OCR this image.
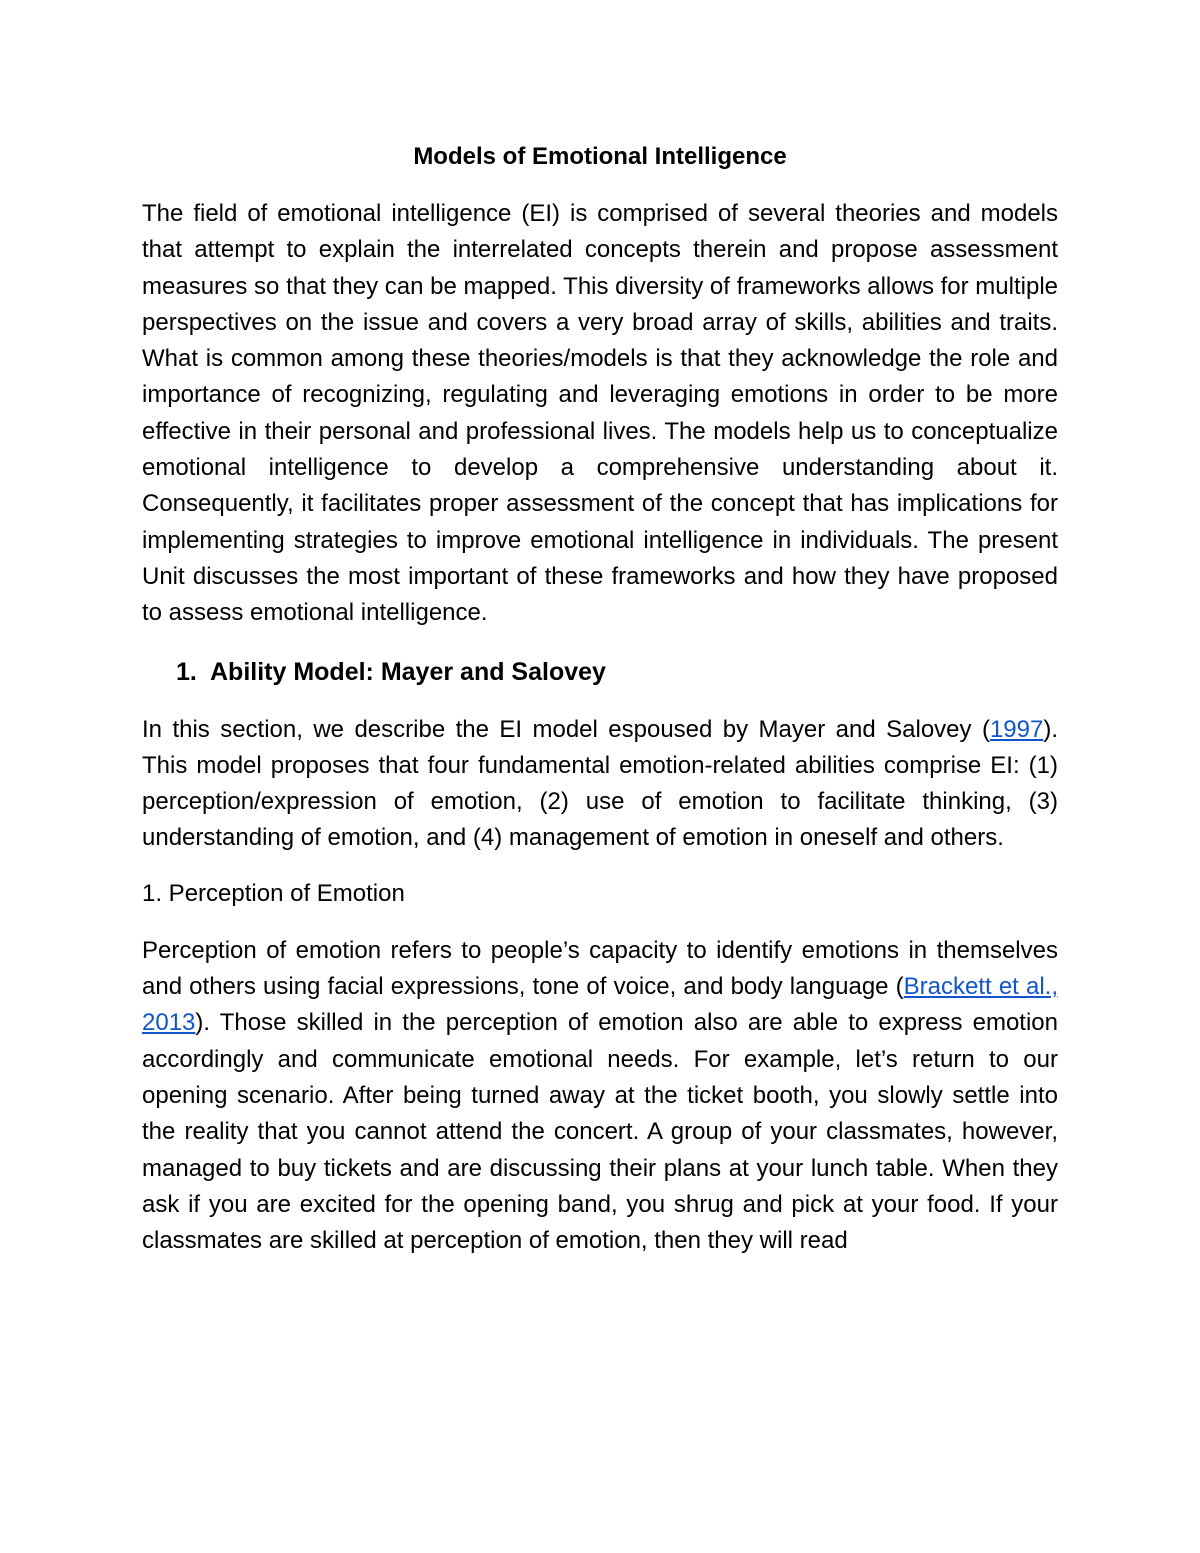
Models of Emotional Intelligence

The field of emotional intelligence (EI) is comprised of several theories and models that attempt to explain the interrelated concepts therein and propose assessment measures so that they can be mapped. This diversity of frameworks allows for multiple perspectives on the issue and covers a very broad array of skills, abilities and traits. What is common among these theories/models is that they acknowledge the role and importance of recognizing, regulating and leveraging emotions in order to be more effective in their personal and professional lives. The models help us to conceptualize emotional intelligence to develop a comprehensive understanding about it. Consequently, it facilitates proper assessment of the concept that has implications for implementing strategies to improve emotional intelligence in individuals. The present Unit discusses the most important of these frameworks and how they have proposed to assess emotional intelligence.

1. Ability Model: Mayer and Salovey

In this section, we describe the EI model espoused by Mayer and Salovey (1997). This model proposes that four fundamental emotion-related abilities comprise EI: (1) perception/expression of emotion, (2) use of emotion to facilitate thinking, (3) understanding of emotion, and (4) management of emotion in oneself and others.

1. Perception of Emotion

Perception of emotion refers to people’s capacity to identify emotions in themselves and others using facial expressions, tone of voice, and body language (Brackett et al., 2013). Those skilled in the perception of emotion also are able to express emotion accordingly and communicate emotional needs. For example, let’s return to our opening scenario. After being turned away at the ticket booth, you slowly settle into the reality that you cannot attend the concert. A group of your classmates, however, managed to buy tickets and are discussing their plans at your lunch table. When they ask if you are excited for the opening band, you shrug and pick at your food. If your classmates are skilled at perception of emotion, then they will read
